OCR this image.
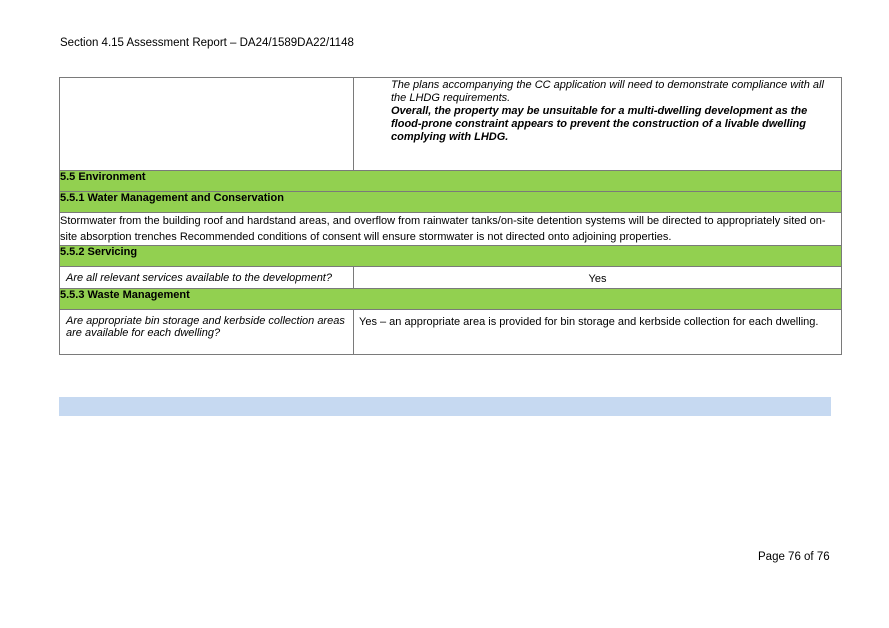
Section 4.15 Assessment Report – DA24/1589DA22/1148

	The plans accompanying the CC application will need to demonstrate compliance with all the LHDG requirements.

Overall, the property may be unsuitable for a multi-dwelling development as the flood-prone constraint appears to prevent the construction of a livable dwelling complying with LHDG.

5.5 Environment	
5.5.1 Water Management and Conservation	
Stormwater from the building roof and hardstand areas, and overflow from rainwater tanks/on-site detention systems will be directed to appropriately sited on-site absorption trenches Recommended conditions of consent will ensure stormwater is not directed onto adjoining properties.	
5.5.2 Servicing	
Are all relevant services available to the development?	Yes
5.5.3 Waste Management	
Are appropriate bin storage and kerbside collection areas are available for each dwelling?	Yes – an appropriate area is provided for bin storage and kerbside collection for each dwelling.
Page 76 of 76
